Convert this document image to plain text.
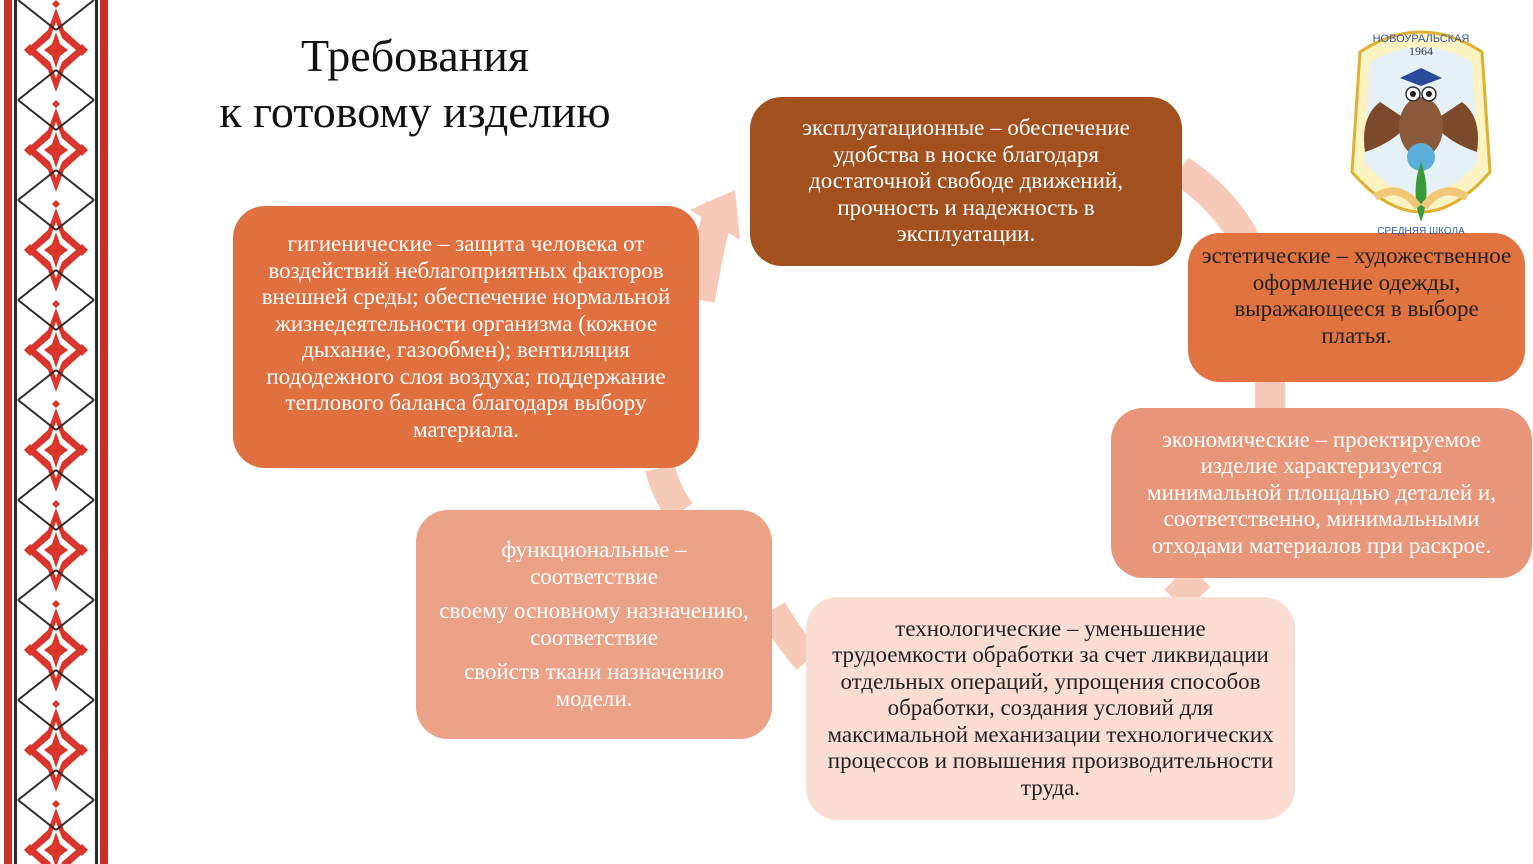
Требования
к готовому изделию	эксплуатационные – обеспечение удобства в носке благодаря достаточной свободе движений, прочность и надежность в эксплуатации.
эстетические – художественное оформление одежды, выражающееся в выборе платья.
экономические – проектируемое изделие характеризуется минимальной площадью деталей и, соответственно, минимальными отходами материалов при раскрое.
технологические – уменьшение трудоемкости обработки за счет ликвидации отдельных операций, упрощения способов обработки, создания условий для максимальной механизации технологических процессов и повышения производительности труда.

функциональные – соответствие

своему основному назначению, соответствие

свойств ткани назначению модели.

гигиенические – защита человека от воздействий неблагоприятных факторов внешней среды; обеспечение нормальной жизнедеятельности организма (кожное дыхание, газообмен); вентиляция пододежного слоя воздуха; поддержание теплового баланса благодаря выбору материала.
НОВОУРАЛЬСКАЯ
1964
СРЕДНЯЯ ШКОЛА
